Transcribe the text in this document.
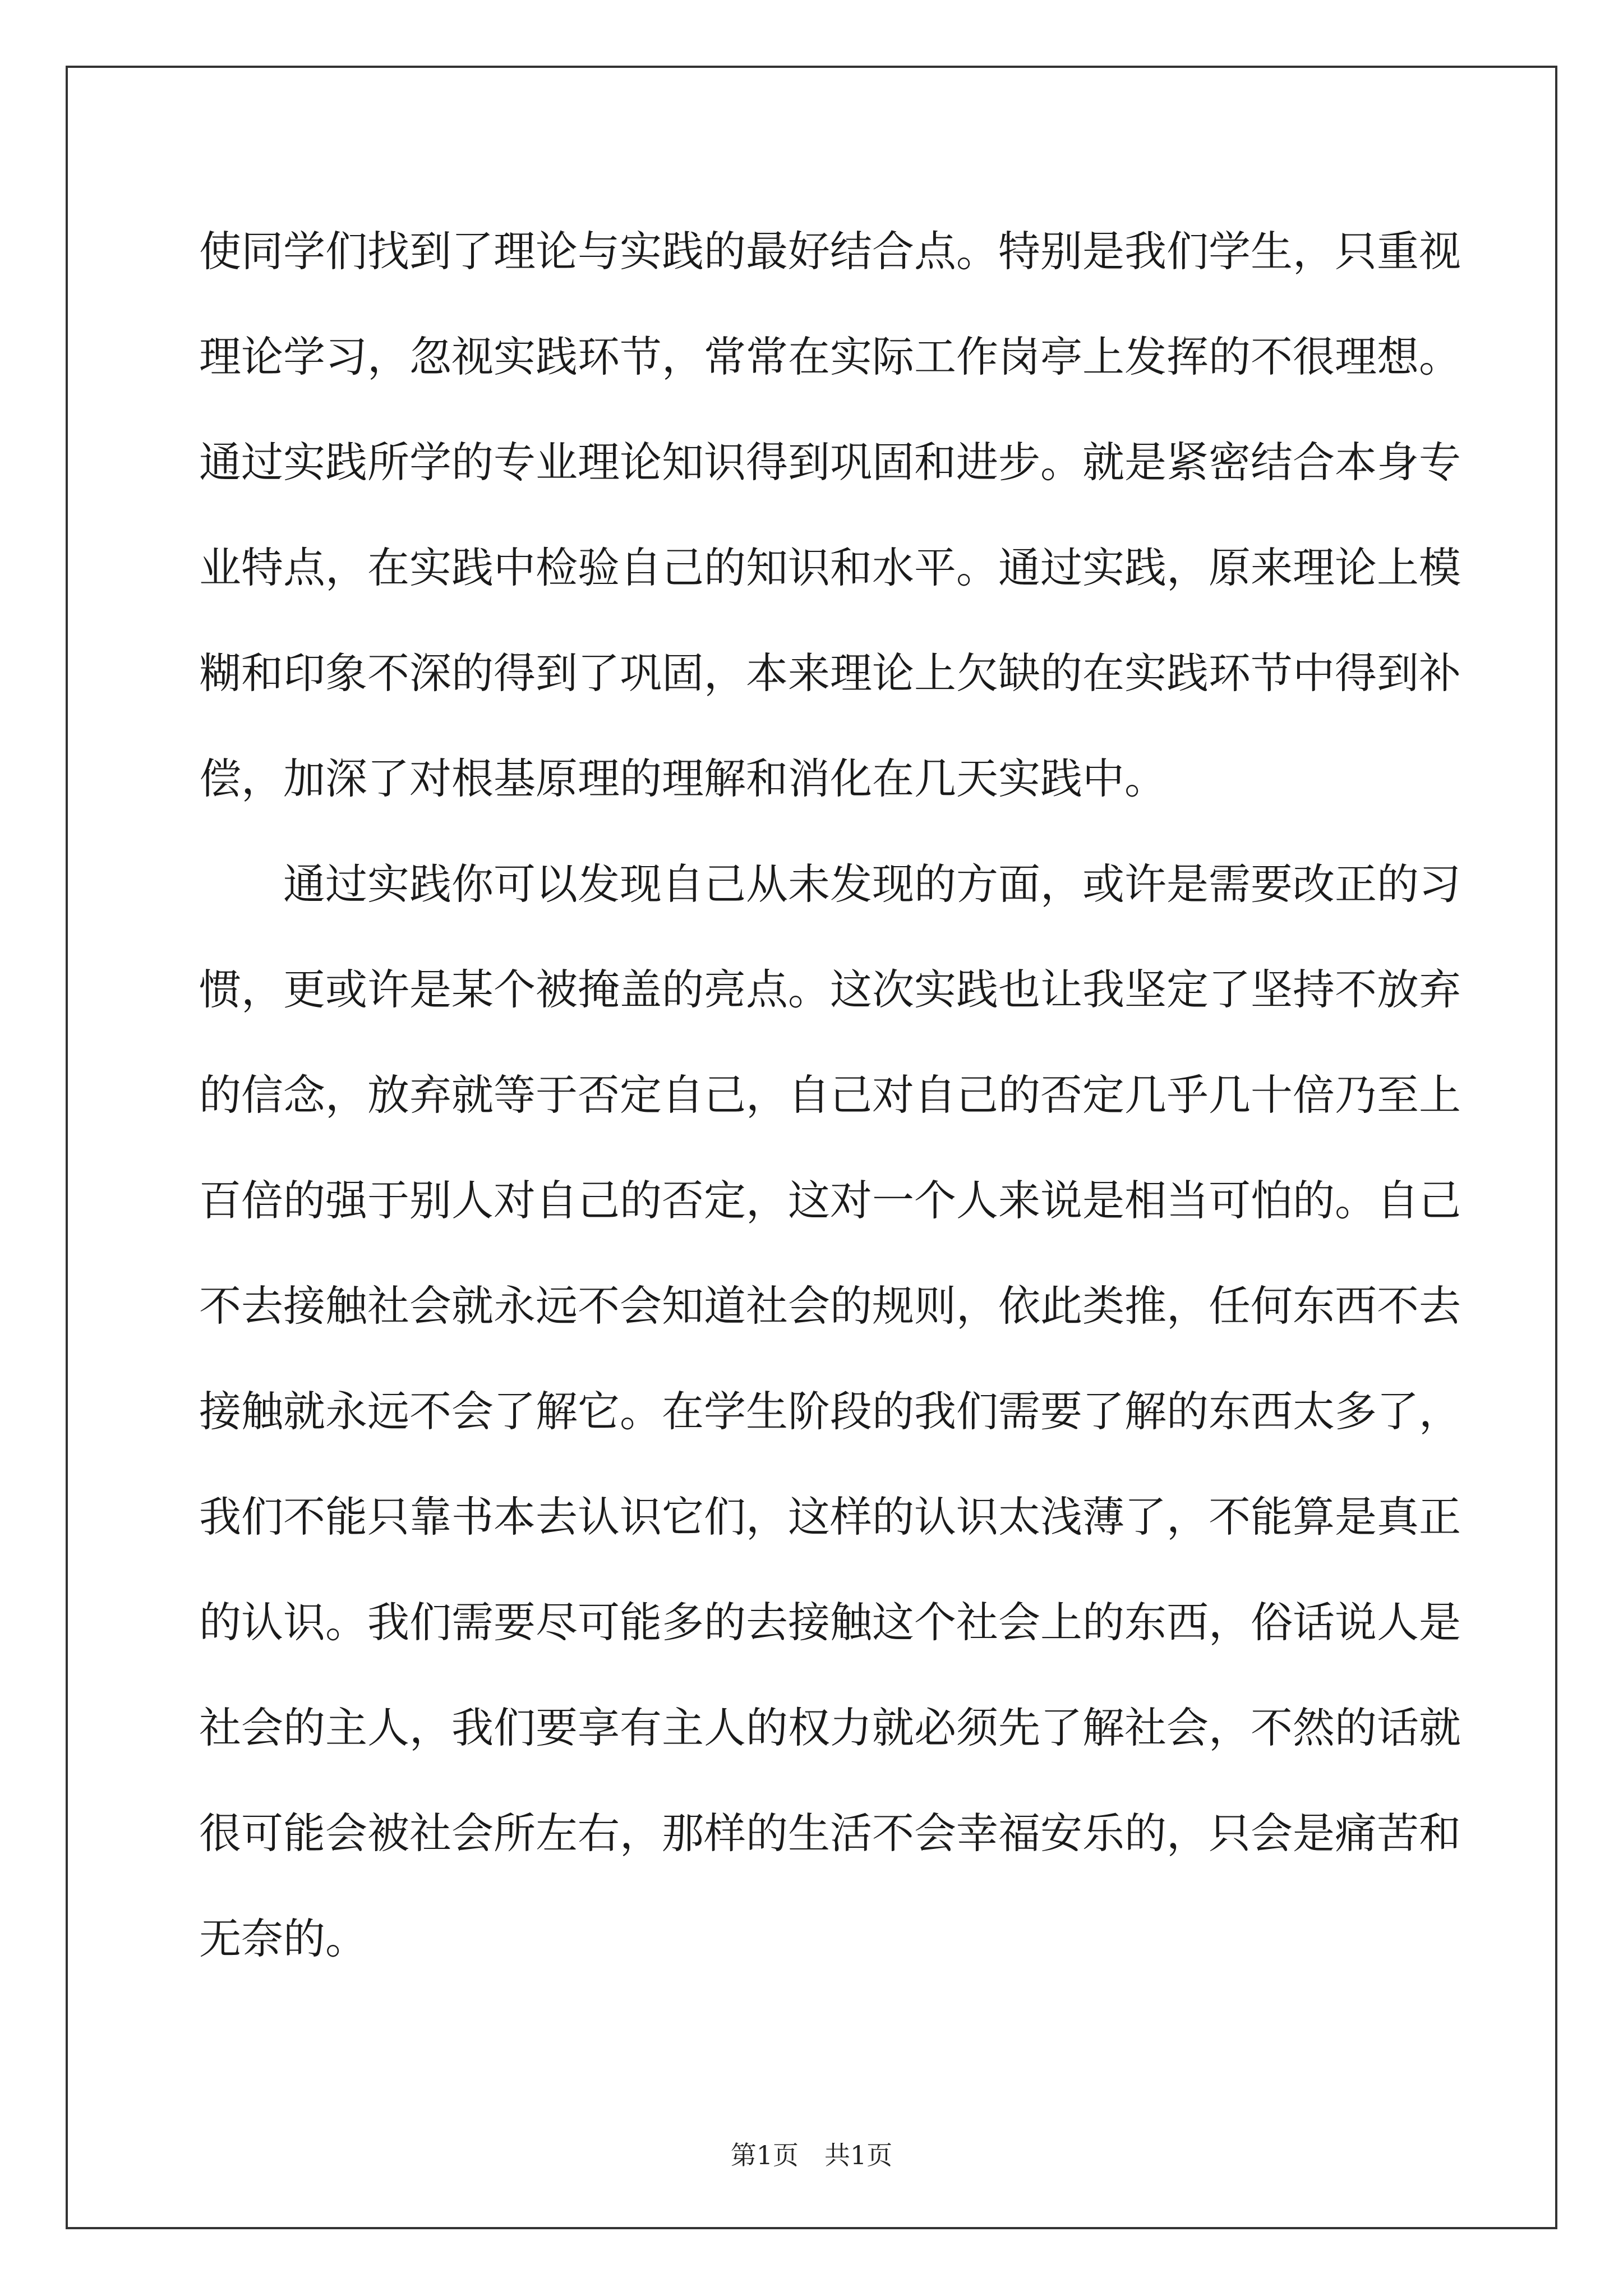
使同学们找到了理论与实践的最好结合点。特别是我们学生，只重视
理论学习，忽视实践环节，常常在实际工作岗亭上发挥的不很理想。
通过实践所学的专业理论知识得到巩固和进步。就是紧密结合本身专
业特点，在实践中检验自己的知识和水平。通过实践，原来理论上模
糊和印象不深的得到了巩固，本来理论上欠缺的在实践环节中得到补
偿，加深了对根基原理的理解和消化在几天实践中。
通过实践你可以发现自己从未发现的方面，或许是需要改正的习
惯，更或许是某个被掩盖的亮点。这次实践也让我坚定了坚持不放弃
的信念，放弃就等于否定自己，自己对自己的否定几乎几十倍乃至上
百倍的强于别人对自己的否定，这对一个人来说是相当可怕的。自己
不去接触社会就永远不会知道社会的规则，依此类推，任何东西不去
接触就永远不会了解它。在学生阶段的我们需要了解的东西太多了，
我们不能只靠书本去认识它们，这样的认识太浅薄了，不能算是真正
的认识。我们需要尽可能多的去接触这个社会上的东西，俗话说人是
社会的主人，我们要享有主人的权力就必须先了解社会，不然的话就
很可能会被社会所左右，那样的生活不会幸福安乐的，只会是痛苦和
无奈的。
第1页 共1页
